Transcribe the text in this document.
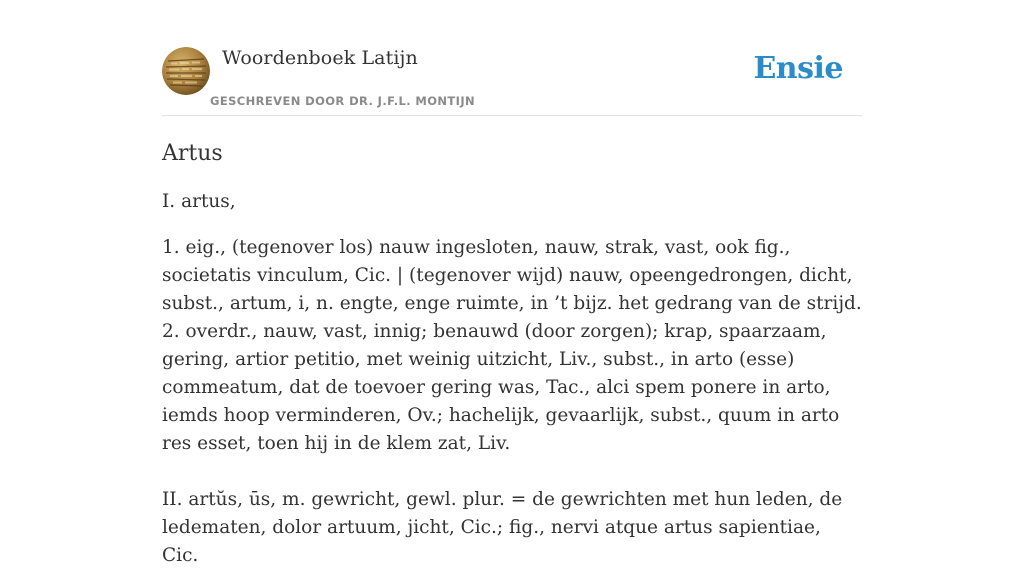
Woordenboek Latijn
GESCHREVEN DOOR DR. J.F.L. MONTIJN
Ensie
Artus

I. artus,

1. eig., (tegenover los) nauw ingesloten, nauw, strak, vast, ook fig., societatis vinculum, Cic. | (tegenover wijd) nauw, opeengedrongen, dicht, subst., artum, i, n. engte, enge ruimte, in ’t bijz. het gedrang van de strijd.

2. overdr., nauw, vast, innig; benauwd (door zorgen); krap, spaarzaam, gering, artior petitio, met weinig uitzicht, Liv., subst., in arto (esse) commeatum, dat de toevoer gering was, Tac., alci spem ponere in arto, iemds hoop verminderen, Ov.; hachelijk, gevaarlijk, subst., quum in arto res esset, toen hij in de klem zat, Liv.

II. artŭs, ūs, m. gewricht, gewl. plur. = de gewrichten met hun leden, de ledematen, dolor artuum, jicht, Cic.; fig., nervi atque artus sapientiae, Cic.
